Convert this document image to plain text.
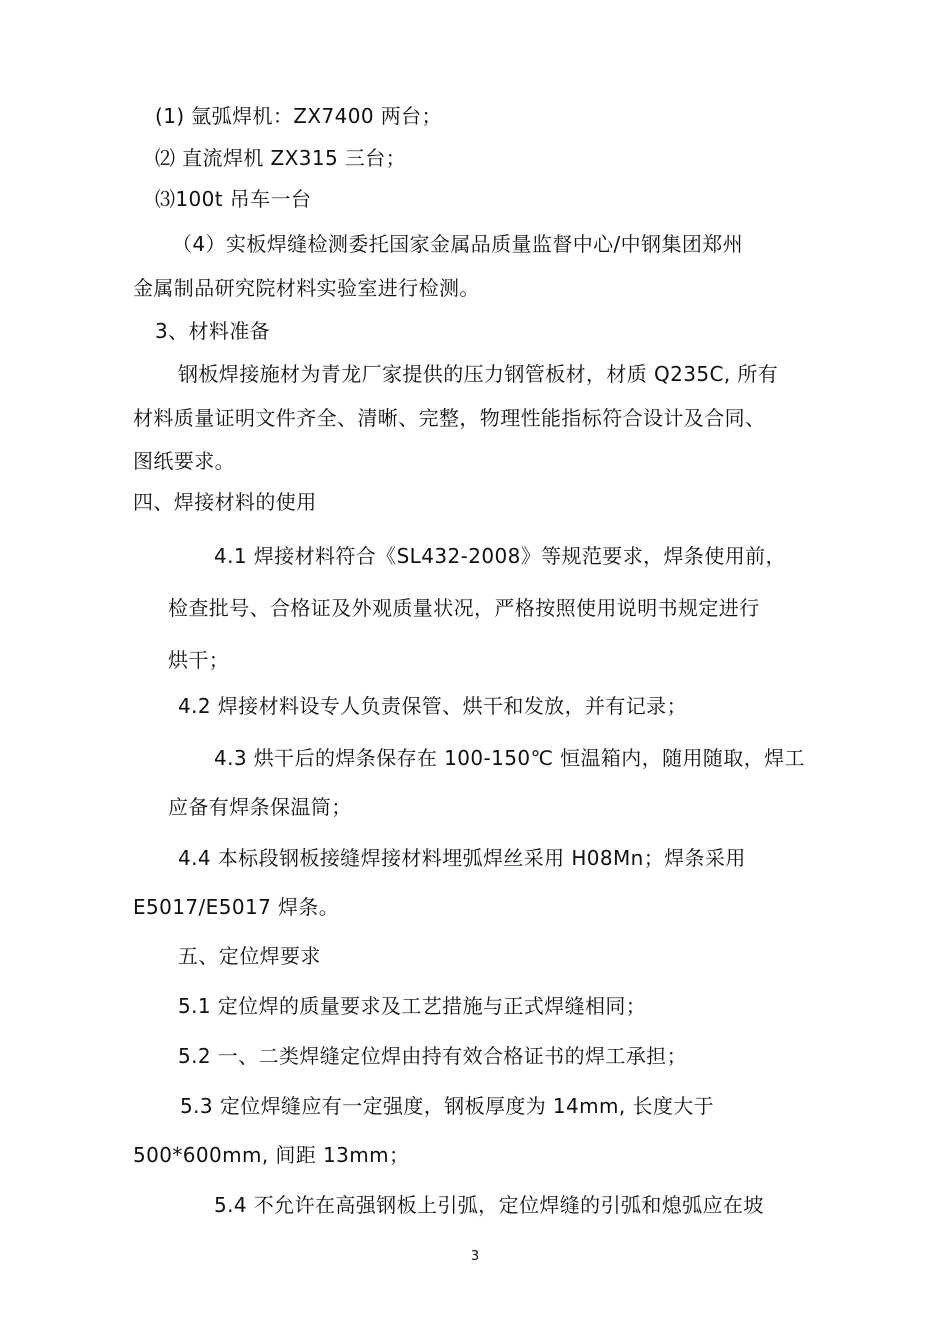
(1) 氩弧焊机：ZX7400 两台；
⑵ 直流焊机 ZX315 三台；
⑶100t 吊车一台
（4）实板焊缝检测委托国家金属品质量监督中心/中钢集团郑州
金属制品研究院材料实验室进行检测。
3、材料准备
钢板焊接施材为青龙厂家提供的压力钢管板材，材质 Q235C, 所有
材料质量证明文件齐全、清晰、完整，物理性能指标符合设计及合同、
图纸要求。
四、焊接材料的使用
4.1 焊接材料符合《SL432-2008》等规范要求，焊条使用前，
检查批号、合格证及外观质量状况，严格按照使用说明书规定进行
烘干；
4.2 焊接材料设专人负责保管、烘干和发放，并有记录；
4.3 烘干后的焊条保存在 100-150℃ 恒温箱内，随用随取，焊工
应备有焊条保温筒；
4.4 本标段钢板接缝焊接材料埋弧焊丝采用 H08Mn；焊条采用
E5017/E5017 焊条。
五、定位焊要求
5.1 定位焊的质量要求及工艺措施与正式焊缝相同；
5.2 一、二类焊缝定位焊由持有效合格证书的焊工承担；
5.3 定位焊缝应有一定强度，钢板厚度为 14mm, 长度大于
500*600mm, 间距 13mm；
5.4 不允许在高强钢板上引弧，定位焊缝的引弧和熄弧应在坡
3
